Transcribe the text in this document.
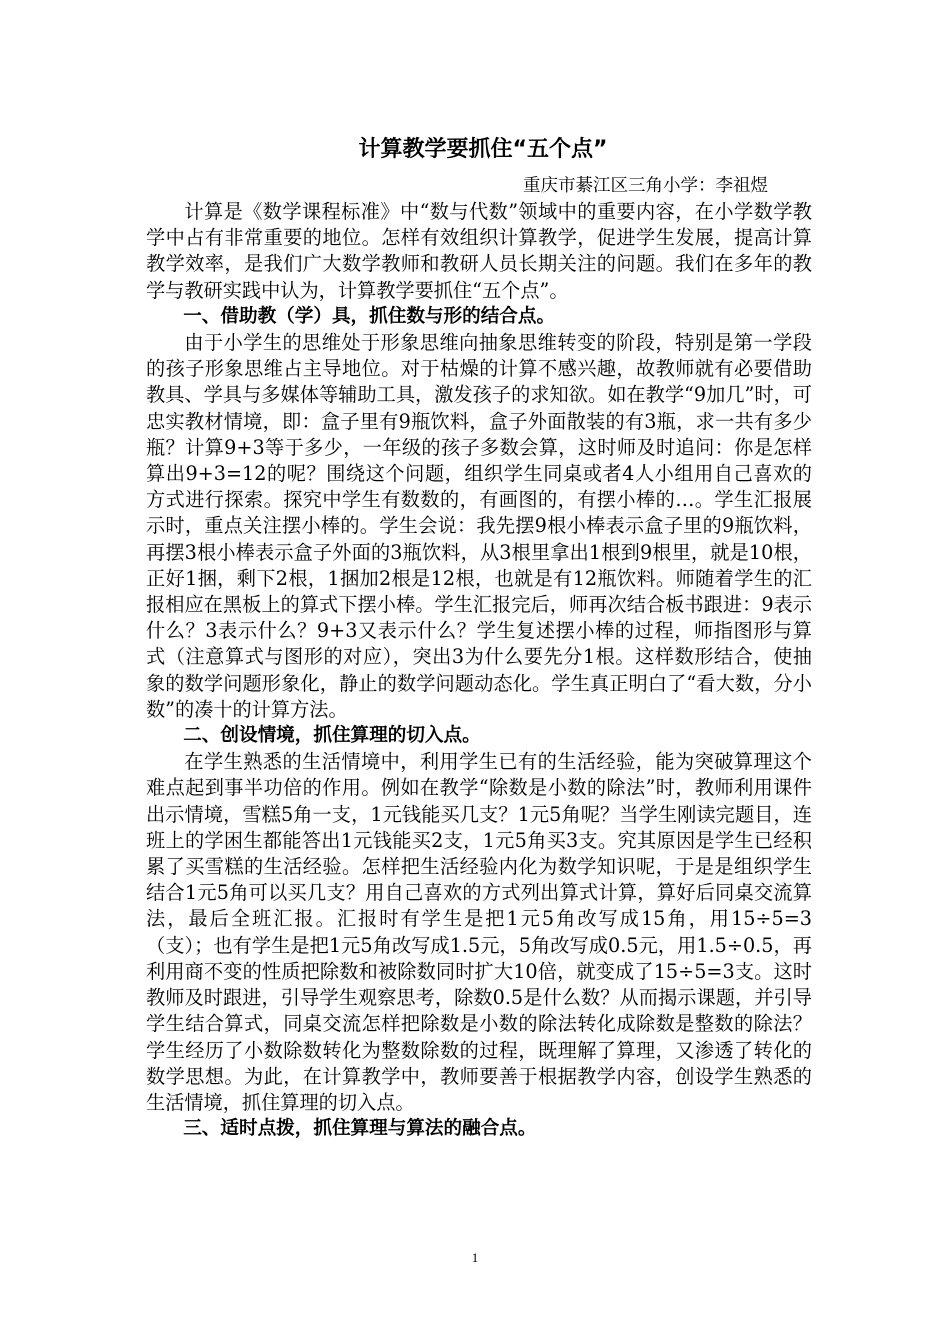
计算教学要抓住“五个点”
重庆市綦江区三角小学：李祖煜

计算是《数学课程标准》中“数与代数”领域中的重要内容，在小学数学教学中占有非常重要的地位。怎样有效组织计算教学，促进学生发展，提高计算教学效率，是我们广大数学教师和教研人员长期关注的问题。我们在多年的教学与教研实践中认为，计算教学要抓住“五个点”。

一、借助教（学）具，抓住数与形的结合点。

由于小学生的思维处于形象思维向抽象思维转变的阶段，特别是第一学段的孩子形象思维占主导地位。对于枯燥的计算不感兴趣，故教师就有必要借助教具、学具与多媒体等辅助工具，激发孩子的求知欲。如在教学“9加几”时，可忠实教材情境，即：盒子里有9瓶饮料，盒子外面散装的有3瓶，求一共有多少瓶？计算9+3等于多少，一年级的孩子多数会算，这时师及时追问：你是怎样算出9+3=12的呢？围绕这个问题，组织学生同桌或者4人小组用自己喜欢的方式进行探索。探究中学生有数数的，有画图的，有摆小棒的…。学生汇报展示时，重点关注摆小棒的。学生会说：我先摆9根小棒表示盒子里的9瓶饮料，再摆3根小棒表示盒子外面的3瓶饮料，从3根里拿出1根到9根里，就是10根，正好1捆，剩下2根，1捆加2根是12根，也就是有12瓶饮料。师随着学生的汇报相应在黑板上的算式下摆小棒。学生汇报完后，师再次结合板书跟进：9表示什么？3表示什么？9+3又表示什么？学生复述摆小棒的过程，师指图形与算式（注意算式与图形的对应），突出3为什么要先分1根。这样数形结合，使抽象的数学问题形象化，静止的数学问题动态化。学生真正明白了“看大数，分小数”的凑十的计算方法。

二、创设情境，抓住算理的切入点。

在学生熟悉的生活情境中，利用学生已有的生活经验，能为突破算理这个难点起到事半功倍的作用。例如在教学“除数是小数的除法”时，教师利用课件出示情境，雪糕5角一支，1元钱能买几支？1元5角呢？当学生刚读完题目，连班上的学困生都能答出1元钱能买2支，1元5角买3支。究其原因是学生已经积累了买雪糕的生活经验。怎样把生活经验内化为数学知识呢，于是是组织学生结合1元5角可以买几支？用自己喜欢的方式列出算式计算，算好后同桌交流算法，最后全班汇报。汇报时有学生是把1元5角改写成15角，用15÷5=3（支）；也有学生是把1元5角改写成1.5元，5角改写成0.5元，用1.5÷0.5，再利用商不变的性质把除数和被除数同时扩大10倍，就变成了15÷5=3支。这时教师及时跟进，引导学生观察思考，除数0.5是什么数？从而揭示课题，并引导学生结合算式，同桌交流怎样把除数是小数的除法转化成除数是整数的除法？学生经历了小数除数转化为整数除数的过程，既理解了算理，又渗透了转化的数学思想。为此，在计算教学中，教师要善于根据教学内容，创设学生熟悉的生活情境，抓住算理的切入点。

三、适时点拨，抓住算理与算法的融合点。

1
